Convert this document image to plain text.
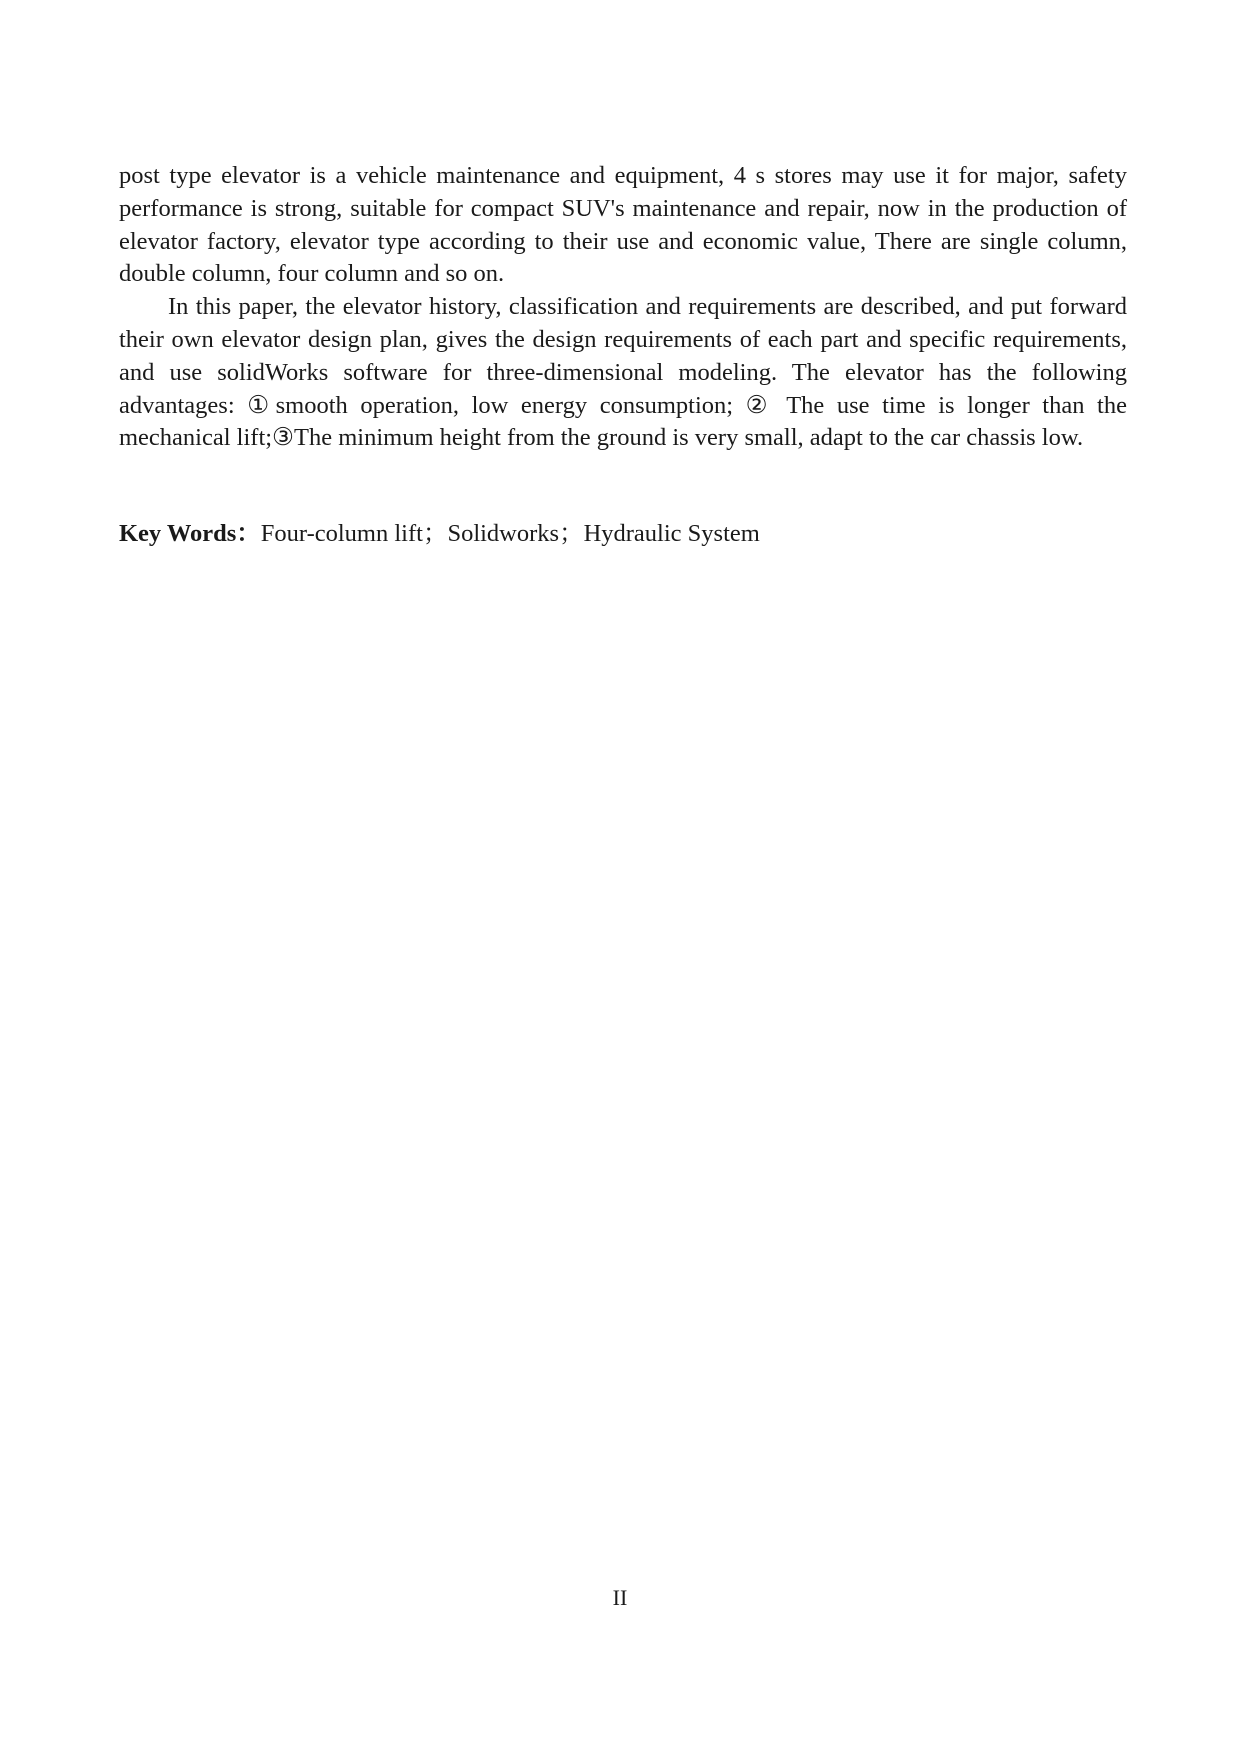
post type elevator is a vehicle maintenance and equipment, 4 s stores may use it for major, safety performance is strong, suitable for compact SUV's maintenance and repair, now in the production of elevator factory, elevator type according to their use and economic value, There are single column, double column, four column and so on.

In this paper, the elevator history, classification and requirements are described, and put forward their own elevator design plan, gives the design requirements of each part and specific requirements, and use solidWorks software for three-dimensional modeling. The elevator has the following advantages: ①smooth operation, low energy consumption; ② The use time is longer than the mechanical lift;③The minimum height from the ground is very small, adapt to the car chassis low.

Key Words：Four-column lift；Solidworks；Hydraulic System

II
